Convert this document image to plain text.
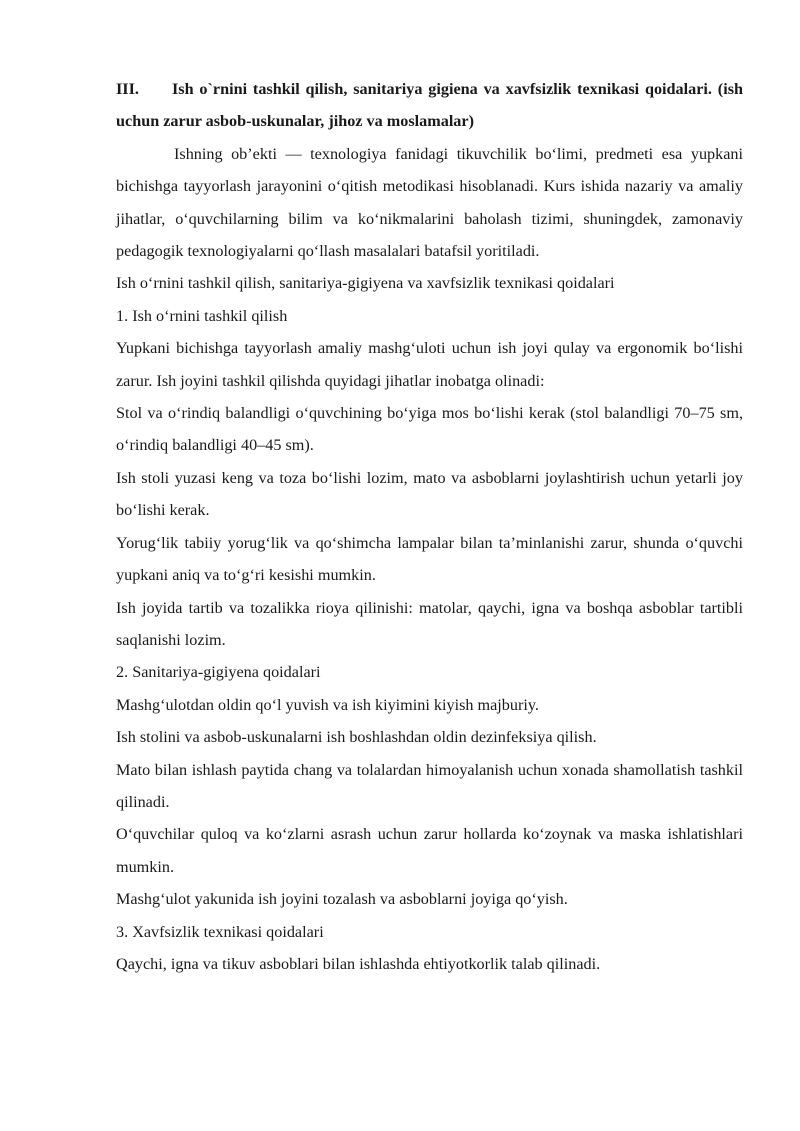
III. Ish o`rnini tashkil qilish, sanitariya gigiena va xavfsizlik texnikasi qoidalari. (ish uchun zarur asbob-uskunalar, jihoz va moslamalar)

Ishning ob’ekti — texnologiya fanidagi tikuvchilik bo‘limi, predmeti esa yupkani bichishga tayyorlash jarayonini o‘qitish metodikasi hisoblanadi. Kurs ishida nazariy va amaliy jihatlar, o‘quvchilarning bilim va ko‘nikmalarini baholash tizimi, shuningdek, zamonaviy pedagogik texnologiyalarni qo‘llash masalalari batafsil yoritiladi.

Ish o‘rnini tashkil qilish, sanitariya-gigiyena va xavfsizlik texnikasi qoidalari

1. Ish o‘rnini tashkil qilish

Yupkani bichishga tayyorlash amaliy mashg‘uloti uchun ish joyi qulay va ergonomik bo‘lishi zarur. Ish joyini tashkil qilishda quyidagi jihatlar inobatga olinadi:

Stol va o‘rindiq balandligi o‘quvchining bo‘yiga mos bo‘lishi kerak (stol balandligi 70–75 sm, o‘rindiq balandligi 40–45 sm).

Ish stoli yuzasi keng va toza bo‘lishi lozim, mato va asboblarni joylashtirish uchun yetarli joy bo‘lishi kerak.

Yorug‘lik tabiiy yorug‘lik va qo‘shimcha lampalar bilan ta’minlanishi zarur, shunda o‘quvchi yupkani aniq va to‘g‘ri kesishi mumkin.

Ish joyida tartib va tozalikka rioya qilinishi: matolar, qaychi, igna va boshqa asboblar tartibli saqlanishi lozim.

2. Sanitariya-gigiyena qoidalari

Mashg‘ulotdan oldin qo‘l yuvish va ish kiyimini kiyish majburiy.

Ish stolini va asbob-uskunalarni ish boshlashdan oldin dezinfeksiya qilish.

Mato bilan ishlash paytida chang va tolalardan himoyalanish uchun xonada shamollatish tashkil qilinadi.

O‘quvchilar quloq va ko‘zlarni asrash uchun zarur hollarda ko‘zoynak va maska ishlatishlari mumkin.

Mashg‘ulot yakunida ish joyini tozalash va asboblarni joyiga qo‘yish.

3. Xavfsizlik texnikasi qoidalari

Qaychi, igna va tikuv asboblari bilan ishlashda ehtiyotkorlik talab qilinadi.
